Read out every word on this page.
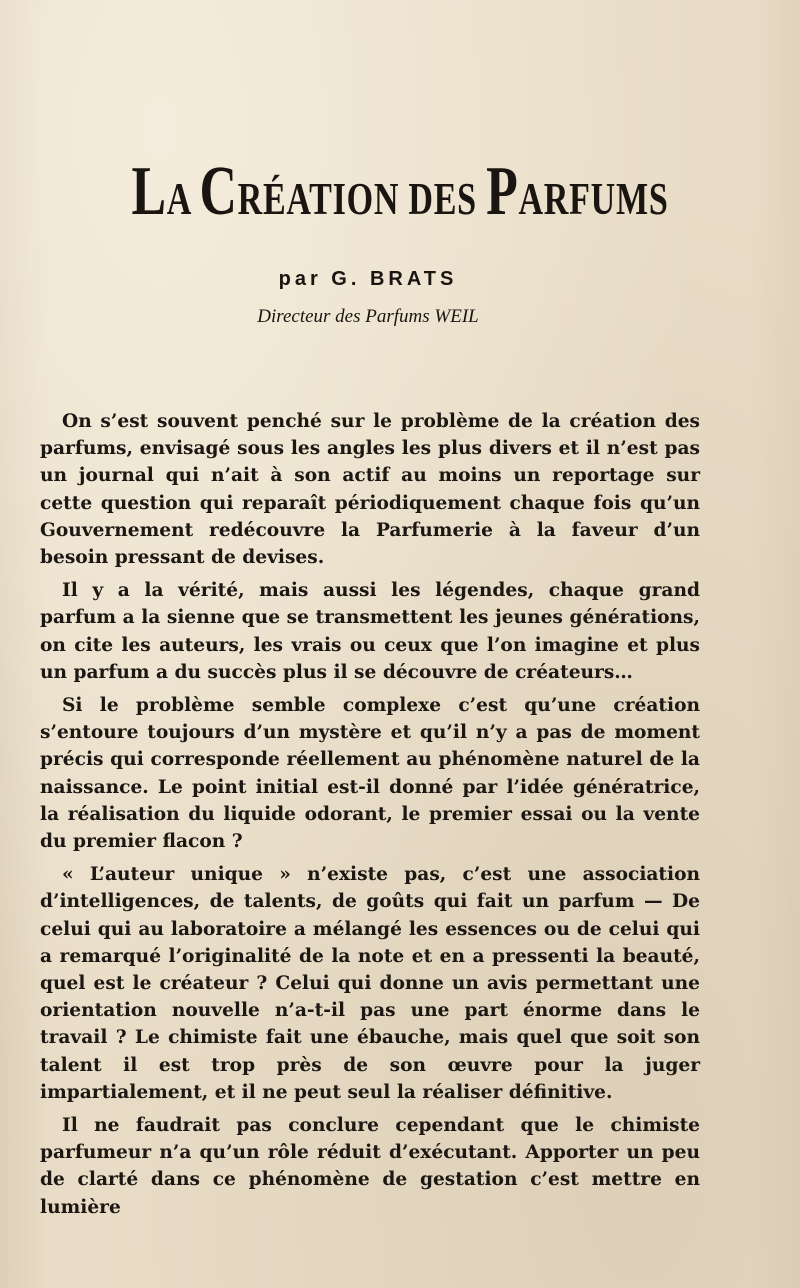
LA CRÉATION DES PARFUMS
par G. BRATS
Directeur des Parfums WEIL

On s’est souvent penché sur le problème de la création des parfums, envisagé sous les angles les plus divers et il n’est pas un journal qui n’ait à son actif au moins un reportage sur cette question qui reparaît périodiquement chaque fois qu’un Gouvernement redécouvre la Parfumerie à la faveur d’un besoin pressant de devises.

Il y a la vérité, mais aussi les légendes, chaque grand parfum a la sienne que se transmettent les jeunes générations, on cite les auteurs, les vrais ou ceux que l’on imagine et plus un parfum a du succès plus il se découvre de créateurs…

Si le problème semble complexe c’est qu’une création s’entoure toujours d’un mystère et qu’il n’y a pas de moment précis qui corresponde réellement au phénomène naturel de la naissance. Le point initial est-il donné par l’idée génératrice, la réalisation du liquide odorant, le premier essai ou la vente du premier flacon ?

« L’auteur unique » n’existe pas, c’est une association d’intelligences, de talents, de goûts qui fait un parfum — De celui qui au laboratoire a mélangé les essences ou de celui qui a remarqué l’originalité de la note et en a pressenti la beauté, quel est le créateur ? Celui qui donne un avis permettant une orientation nouvelle n’a-t-il pas une part énorme dans le travail ? Le chimiste fait une ébauche, mais quel que soit son talent il est trop près de son œuvre pour la juger impartialement, et il ne peut seul la réaliser définitive.

Il ne faudrait pas conclure cependant que le chimiste parfumeur n’a qu’un rôle réduit d’exécutant. Apporter un peu de clarté dans ce phénomène de gestation c’est mettre en lumière
